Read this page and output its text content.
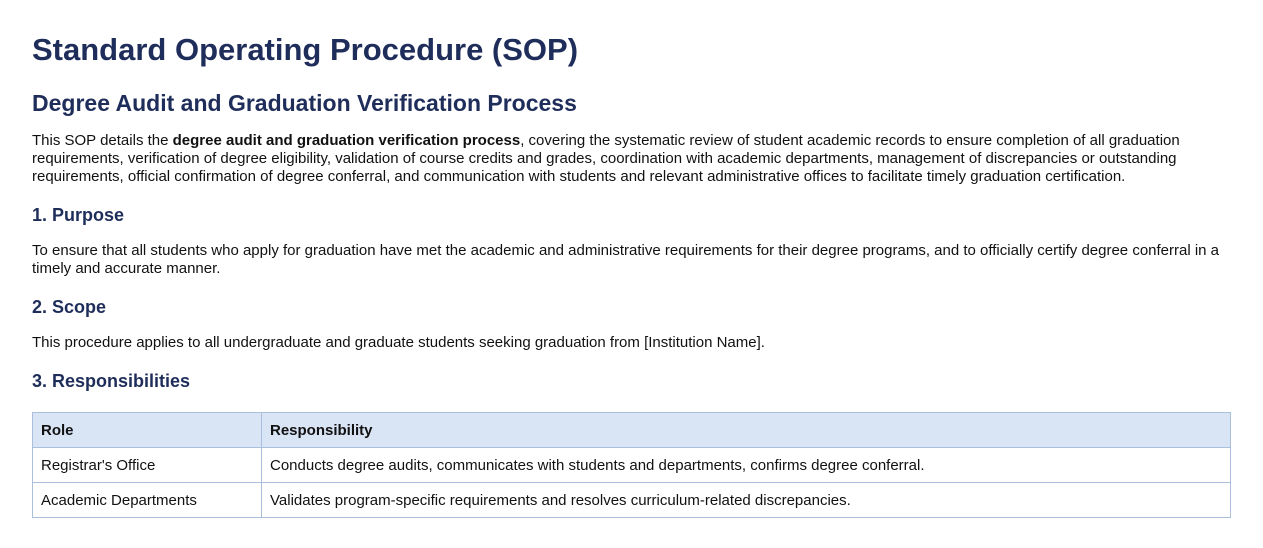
Standard Operating Procedure (SOP)
Degree Audit and Graduation Verification Process

This SOP details the degree audit and graduation verification process, covering the systematic review of student academic records to ensure completion of all graduation requirements, verification of degree eligibility, validation of course credits and grades, coordination with academic departments, management of discrepancies or outstanding requirements, official confirmation of degree conferral, and communication with students and relevant administrative offices to facilitate timely graduation certification.

1. Purpose

To ensure that all students who apply for graduation have met the academic and administrative requirements for their degree programs, and to officially certify degree conferral in a timely and accurate manner.

2. Scope

This procedure applies to all undergraduate and graduate students seeking graduation from [Institution Name].

3. Responsibilities
Role	Responsibility
Registrar's Office	Conducts degree audits, communicates with students and departments, confirms degree conferral.
Academic Departments	Validates program-specific requirements and resolves curriculum-related discrepancies.
